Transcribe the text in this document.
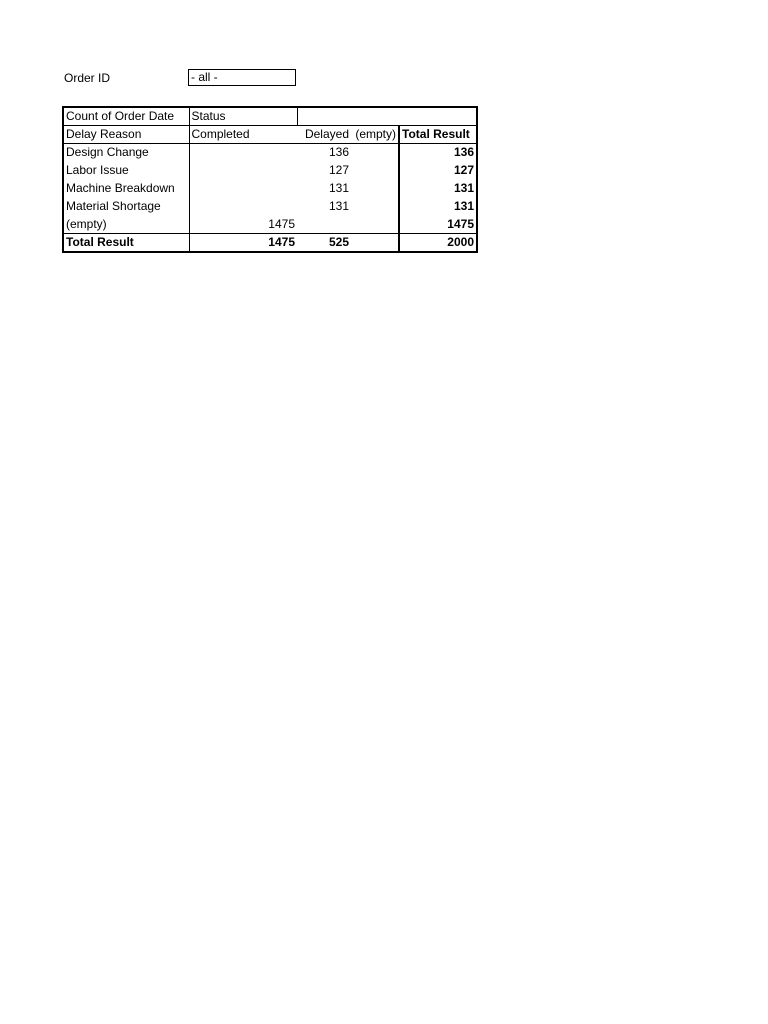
Order ID	- all -
Count of Order Date	Status			
Delay Reason	Completed	Delayed	(empty)	Total Result
Design Change		136		136
Labor Issue		127		127
Machine Breakdown		131		131
Material Shortage		131		131
(empty)	1475			1475
Total Result	1475	525		2000
